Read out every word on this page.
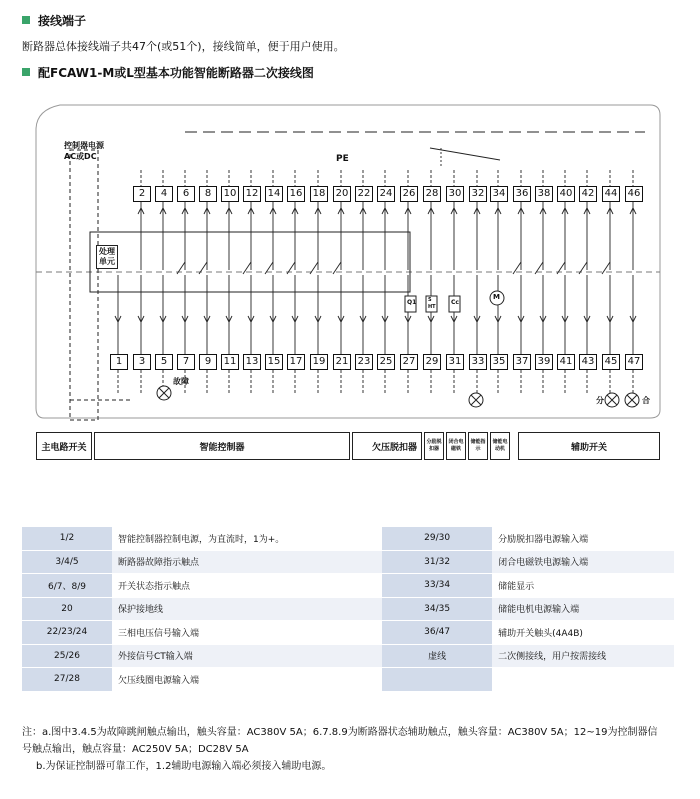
接线端子
断路器总体接线端子共47个(或51个)，接线简单，便于用户使用。
配FCAW1-M或L型基本功能智能断路器二次接线图
2	4	6	8	10 12 14 16 18 20 22 24 26 28 30 32 34 36 38 40 42 44 46
1	3	5	7	9	11 13 15 17 19 21 23 25 27 29 31 33 35 37 39 41 43 45 47
控制器电源
AC或DC	PE
处理
单元
故障
分	合
Q1 S HT
Cc
M
主电路开关	智能控制器	欠压脱扣器
分励脱扣器
闭合电磁铁
储能指示
储能电动机	辅助开关
1/2	智能控制器控制电源，为直流时，1为+。	29/30	分励脱扣器电源输入端
3/4/5	断路器故障指示触点	31/32	闭合电磁铁电源输入端
6/7、8/9	开关状态指示触点	33/34	储能显示
20	保护接地线	34/35	储能电机电源输入端
22/23/24	三相电压信号输入端	36/47	辅助开关触头(4A4B)
25/26	外接信号CT输入端	虚线	二次侧接线，用户按需接线
27/28	欠压线圈电源输入端		
注：a.图中3.4.5为故障跳闸触点输出，触头容量：AC380V 5A；6.7.8.9为断路器状态辅助触点，触头容量：AC380V 5A；12~19为控制器信
号触点输出，触点容量：AC250V 5A；DC28V 5A
b.为保证控制器可靠工作，1.2辅助电源输入端必须接入辅助电源。
